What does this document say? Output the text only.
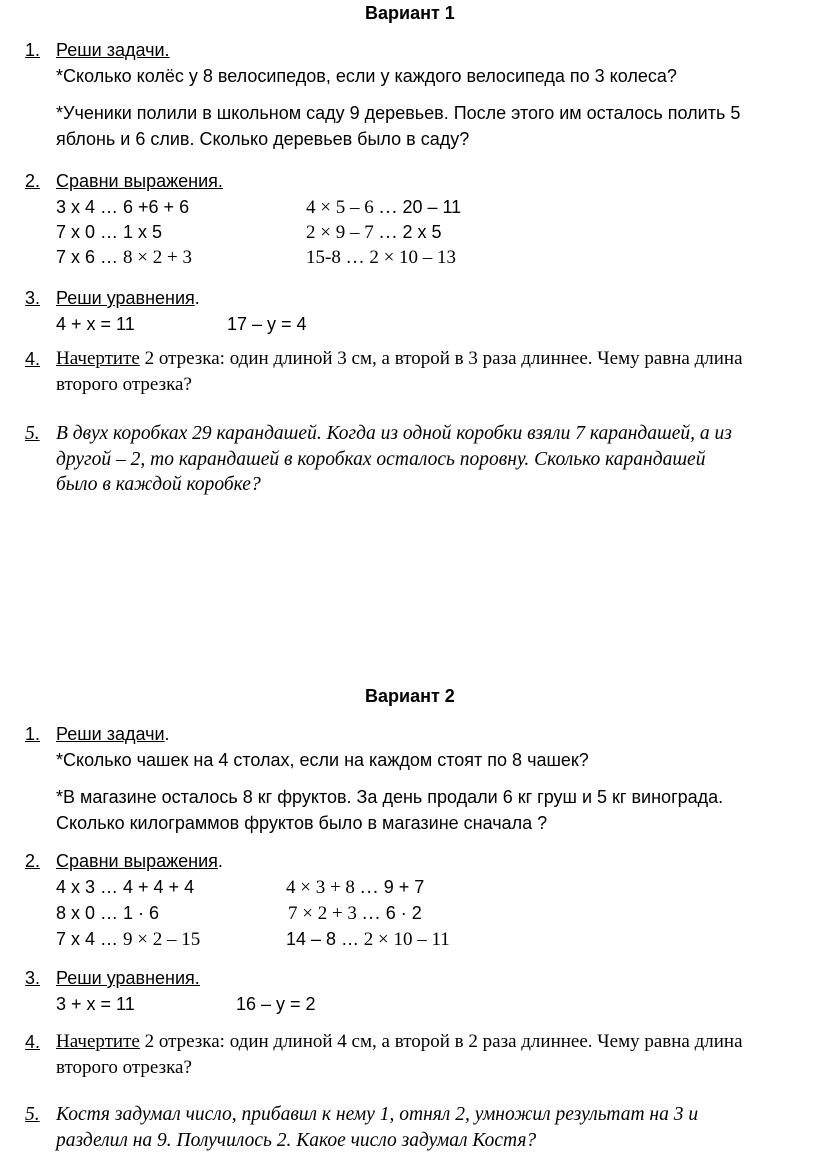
Вариант 1
1. Реши задачи.
*Сколько колёс у 8 велосипедов, если у каждого велосипеда по 3 колеса?
*Ученики полили в школьном саду 9 деревьев. После этого им осталось полить 5
яблонь и 6 слив. Сколько деревьев было в саду?
2. Сравни выражения.
3 х 4 … 6 +6 + 6	4 × 5 – 6 … 20 – 11
7 х 0 … 1 х 5	2 × 9 – 7 … 2 х 5
7 х 6 … 8 × 2 + 3	15-8 … 2 × 10 – 13
3. Реши уравнения.
4 + х = 11	17 – у = 4
4. Начертите 2 отрезка: один длиной 3 см, а второй в 3 раза длиннее. Чему равна длина
второго отрезка?
5. В двух коробках 29 карандашей. Когда из одной коробки взяли 7 карандашей, а из
другой – 2, то карандашей в коробках осталось поровну. Сколько карандашей
было в каждой коробке?
Вариант 2
1. Реши задачи.
*Сколько чашек на 4 столах, если на каждом стоят по 8 чашек?
*В магазине осталось 8 кг фруктов. За день продали 6 кг груш и 5 кг винограда.
Сколько килограммов фруктов было в магазине сначала ?
2. Сравни выражения.
4 х 3 … 4 + 4 + 4	4 × 3 + 8 … 9 + 7
8 х 0 … 1 · 6	7 × 2 + 3 … 6 · 2
7 х 4 … 9 × 2 – 15	14 – 8 … 2 × 10 – 11
3. Реши уравнения.
3 + х = 11	16 – у = 2
4. Начертите 2 отрезка: один длиной 4 см, а второй в 2 раза длиннее. Чему равна длина
второго отрезка?
5. Костя задумал число, прибавил к нему 1, отнял 2, умножил результат на 3 и
разделил на 9. Получилось 2. Какое число задумал Костя?
